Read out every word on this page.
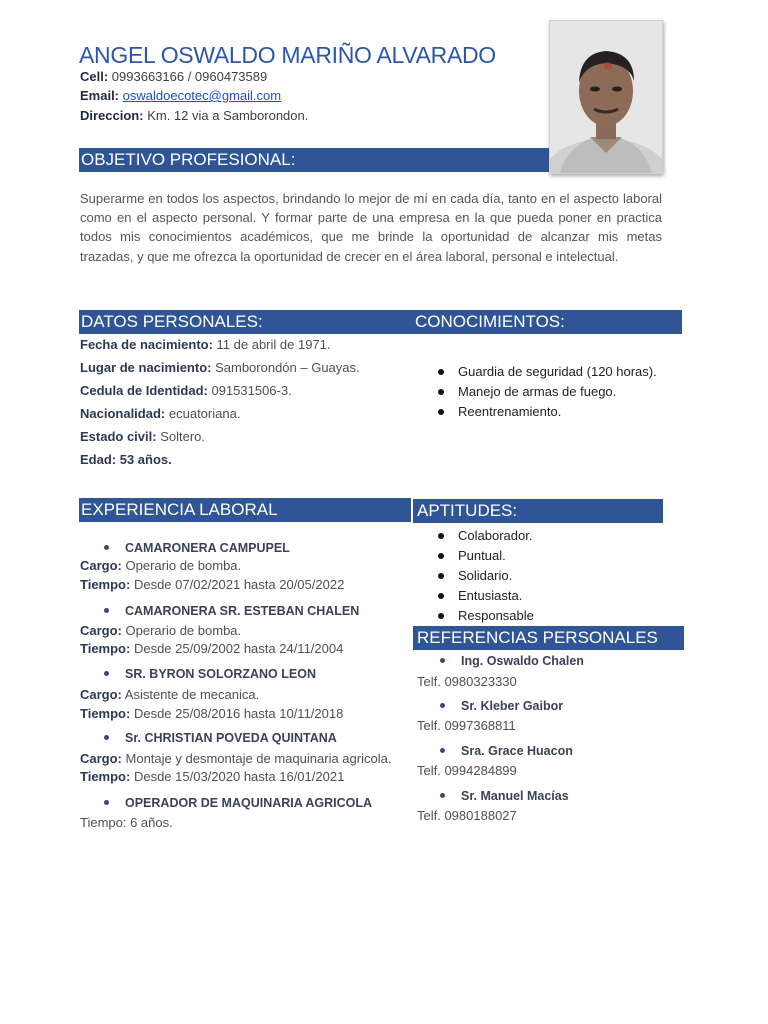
ANGEL OSWALDO MARIÑO ALVARADO
Cell: 0993663166 / 0960473589
Email: oswaldoecotec@gmail.com
Direccion: Km. 12 via a Samborondon.
OBJETIVO PROFESIONAL:

Superarme en todos los aspectos, brindando lo mejor de mí en cada día, tanto en el aspecto laboral como en el aspecto personal. Y formar parte de una empresa en la que pueda poner en practica todos mis conocimientos académicos, que me brinde la oportunidad de alcanzar mis metas trazadas, y que me ofrezca la oportunidad de crecer en el área laboral, personal e intelectual.

DATOS PERSONALES:	CONOCIMIENTOS:
Fecha de nacimiento: 11 de abril de 1971.
Lugar de nacimiento: Samborondón – Guayas.
Cedula de Identidad: 091531506-3.
Nacionalidad: ecuatoriana.
Estado civil: Soltero.
Edad: 53 años.
Guardia de seguridad (120 horas).
Manejo de armas de fuego.
Reentrenamiento.
EXPERIENCIA LABORAL	APTITUDES:
CAMARONERA CAMPUPEL
Cargo: Operario de bomba.
Tiempo: Desde 07/02/2021 hasta 20/05/2022
CAMARONERA SR. ESTEBAN CHALEN
Cargo: Operario de bomba.
Tiempo: Desde 25/09/2002 hasta 24/11/2004
SR. BYRON SOLORZANO LEON
Cargo: Asistente de mecanica.
Tiempo: Desde 25/08/2016 hasta 10/11/2018
Sr. CHRISTIAN POVEDA QUINTANA
Cargo: Montaje y desmontaje de maquinaria agricola.
Tiempo: Desde 15/03/2020 hasta 16/01/2021
OPERADOR DE MAQUINARIA AGRICOLA
Tiempo: 6 años.
Colaborador.
Puntual.
Solidario.
Entusiasta.
Responsable
REFERENCIAS PERSONALES
Ing. Oswaldo Chalen
Telf. 0980323330
Sr. Kleber Gaibor
Telf. 0997368811
Sra. Grace Huacon
Telf. 0994284899
Sr. Manuel Macías
Telf. 0980188027
